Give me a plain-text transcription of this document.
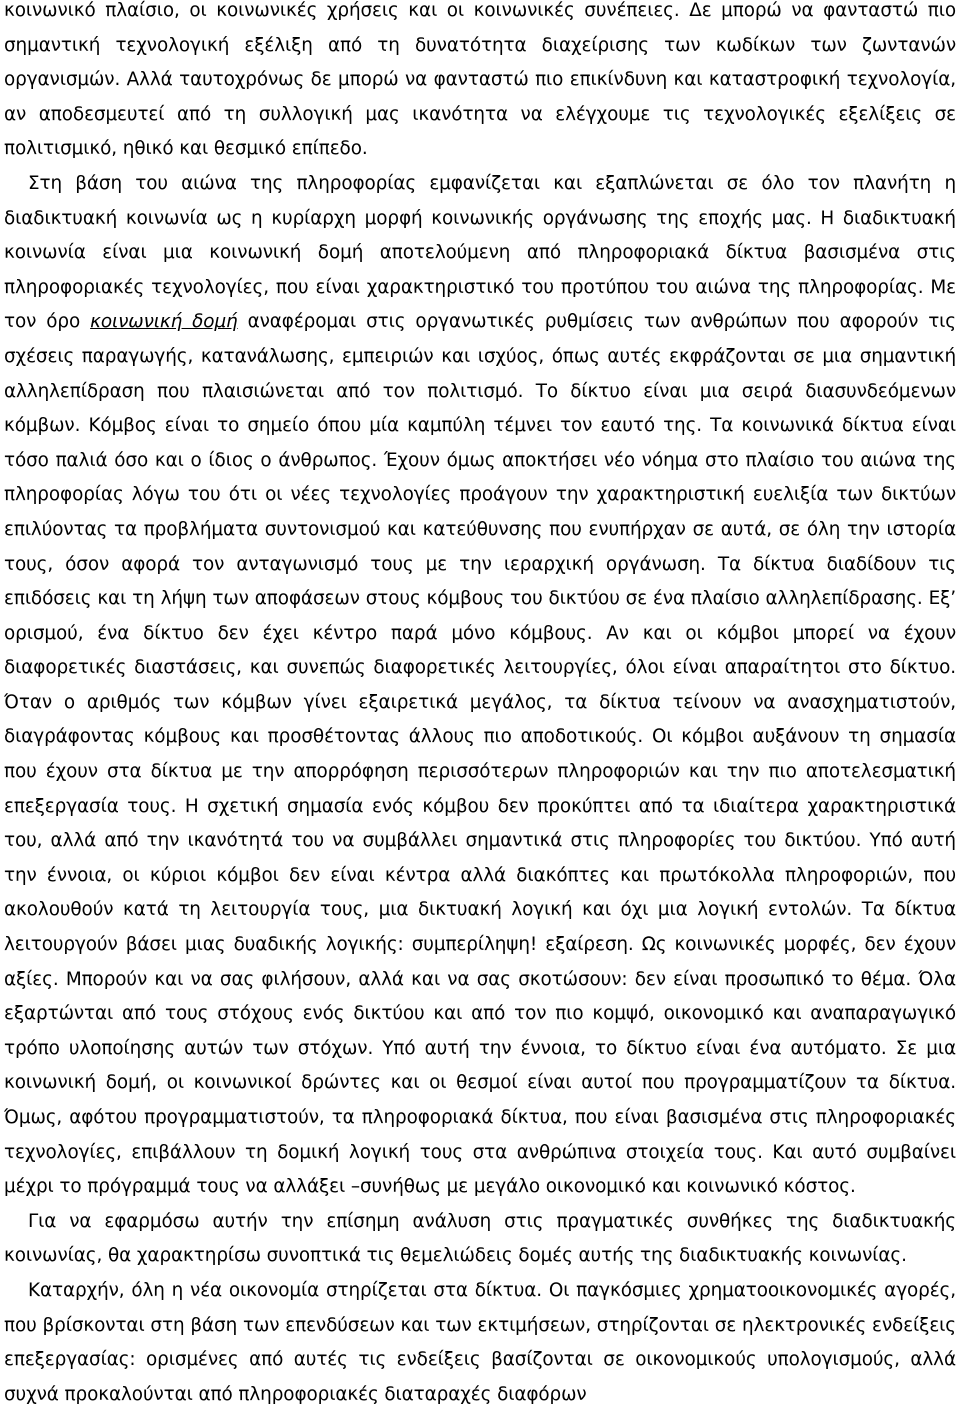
κοινωνικό πλαίσιο, οι κοινωνικές χρήσεις και οι κοινωνικές συνέπειες. Δε μπορώ να φανταστώ πιο σημαντική τεχνολογική εξέλιξη από τη δυνατότητα διαχείρισης των κωδίκων των ζωντανών οργανισμών. Αλλά ταυτοχρόνως δε μπορώ να φανταστώ πιο επικίνδυνη και καταστροφική τεχνολογία, αν αποδεσμευτεί από τη συλλογική μας ικανότητα να ελέγχουμε τις τεχνολογικές εξελίξεις σε πολιτισμικό, ηθικό και θεσμικό επίπεδο.

Στη βάση του αιώνα της πληροφορίας εμφανίζεται και εξαπλώνεται σε όλο τον πλανήτη η διαδικτυακή κοινωνία ως η κυρίαρχη μορφή κοινωνικής οργάνωσης της εποχής μας. Η διαδικτυακή κοινωνία είναι μια κοινωνική δομή αποτελούμενη από πληροφοριακά δίκτυα βασισμένα στις πληροφοριακές τεχνολογίες, που είναι χαρακτηριστικό του προτύπου του αιώνα της πληροφορίας. Με τον όρο κοινωνική δομή αναφέρομαι στις οργανωτικές ρυθμίσεις των ανθρώπων που αφορούν τις σχέσεις παραγωγής, κατανάλωσης, εμπειριών και ισχύος, όπως αυτές εκφράζονται σε μια σημαντική αλληλεπίδραση που πλαισιώνεται από τον πολιτισμό. Το δίκτυο είναι μια σειρά διασυνδεόμενων κόμβων. Κόμβος είναι το σημείο όπου μία καμπύλη τέμνει τον εαυτό της. Τα κοινωνικά δίκτυα είναι τόσο παλιά όσο και ο ίδιος ο άνθρωπος. Έχουν όμως αποκτήσει νέο νόημα στο πλαίσιο του αιώνα της πληροφορίας λόγω του ότι οι νέες τεχνολογίες προάγουν την χαρακτηριστική ευελιξία των δικτύων επιλύοντας τα προβλήματα συντονισμού και κατεύθυνσης που ενυπήρχαν σε αυτά, σε όλη την ιστορία τους, όσον αφορά τον ανταγωνισμό τους με την ιεραρχική οργάνωση. Τα δίκτυα διαδίδουν τις επιδόσεις και τη λήψη των αποφάσεων στους κόμβους του δικτύου σε ένα πλαίσιο αλληλεπίδρασης. Εξ’ ορισμού, ένα δίκτυο δεν έχει κέντρο παρά μόνο κόμβους. Αν και οι κόμβοι μπορεί να έχουν διαφορετικές διαστάσεις, και συνεπώς διαφορετικές λειτουργίες, όλοι είναι απαραίτητοι στο δίκτυο. Όταν ο αριθμός των κόμβων γίνει εξαιρετικά μεγάλος, τα δίκτυα τείνουν να ανασχηματιστούν, διαγράφοντας κόμβους και προσθέτοντας άλλους πιο αποδοτικούς. Οι κόμβοι αυξάνουν τη σημασία που έχουν στα δίκτυα με την απορρόφηση περισσότερων πληροφοριών και την πιο αποτελεσματική επεξεργασία τους. Η σχετική σημασία ενός κόμβου δεν προκύπτει από τα ιδιαίτερα χαρακτηριστικά του, αλλά από την ικανότητά του να συμβάλλει σημαντικά στις πληροφορίες του δικτύου. Υπό αυτή την έννοια, οι κύριοι κόμβοι δεν είναι κέντρα αλλά διακόπτες και πρωτόκολλα πληροφοριών, που ακολουθούν κατά τη λειτουργία τους, μια δικτυακή λογική και όχι μια λογική εντολών. Τα δίκτυα λειτουργούν βάσει μιας δυαδικής λογικής: συμπερίληψη! εξαίρεση. Ως κοινωνικές μορφές, δεν έχουν αξίες. Μπορούν και να σας φιλήσουν, αλλά και να σας σκοτώσουν: δεν είναι προσωπικό το θέμα. Όλα εξαρτώνται από τους στόχους ενός δικτύου και από τον πιο κομψό, οικονομικό και αναπαραγωγικό τρόπο υλοποίησης αυτών των στόχων. Υπό αυτή την έννοια, το δίκτυο είναι ένα αυτόματο. Σε μια κοινωνική δομή, οι κοινωνικοί δρώντες και οι θεσμοί είναι αυτοί που προγραμματίζουν τα δίκτυα. Όμως, αφότου προγραμματιστούν, τα πληροφοριακά δίκτυα, που είναι βασισμένα στις πληροφοριακές τεχνολογίες, επιβάλλουν τη δομική λογική τους στα ανθρώπινα στοιχεία τους. Και αυτό συμβαίνει μέχρι το πρόγραμμά τους να αλλάξει –συνήθως με μεγάλο οικονομικό και κοινωνικό κόστος.

Για να εφαρμόσω αυτήν την επίσημη ανάλυση στις πραγματικές συνθήκες της διαδικτυακής κοινωνίας, θα χαρακτηρίσω συνοπτικά τις θεμελιώδεις δομές αυτής της διαδικτυακής κοινωνίας.

Καταρχήν, όλη η νέα οικονομία στηρίζεται στα δίκτυα. Οι παγκόσμιες χρηματοοικονομικές αγορές, που βρίσκονται στη βάση των επενδύσεων και των εκτιμήσεων, στηρίζονται σε ηλεκτρονικές ενδείξεις επεξεργασίας: ορισμένες από αυτές τις ενδείξεις βασίζονται σε οικονομικούς υπολογισμούς, αλλά συχνά προκαλούνται από πληροφοριακές διαταραχές διαφόρων
